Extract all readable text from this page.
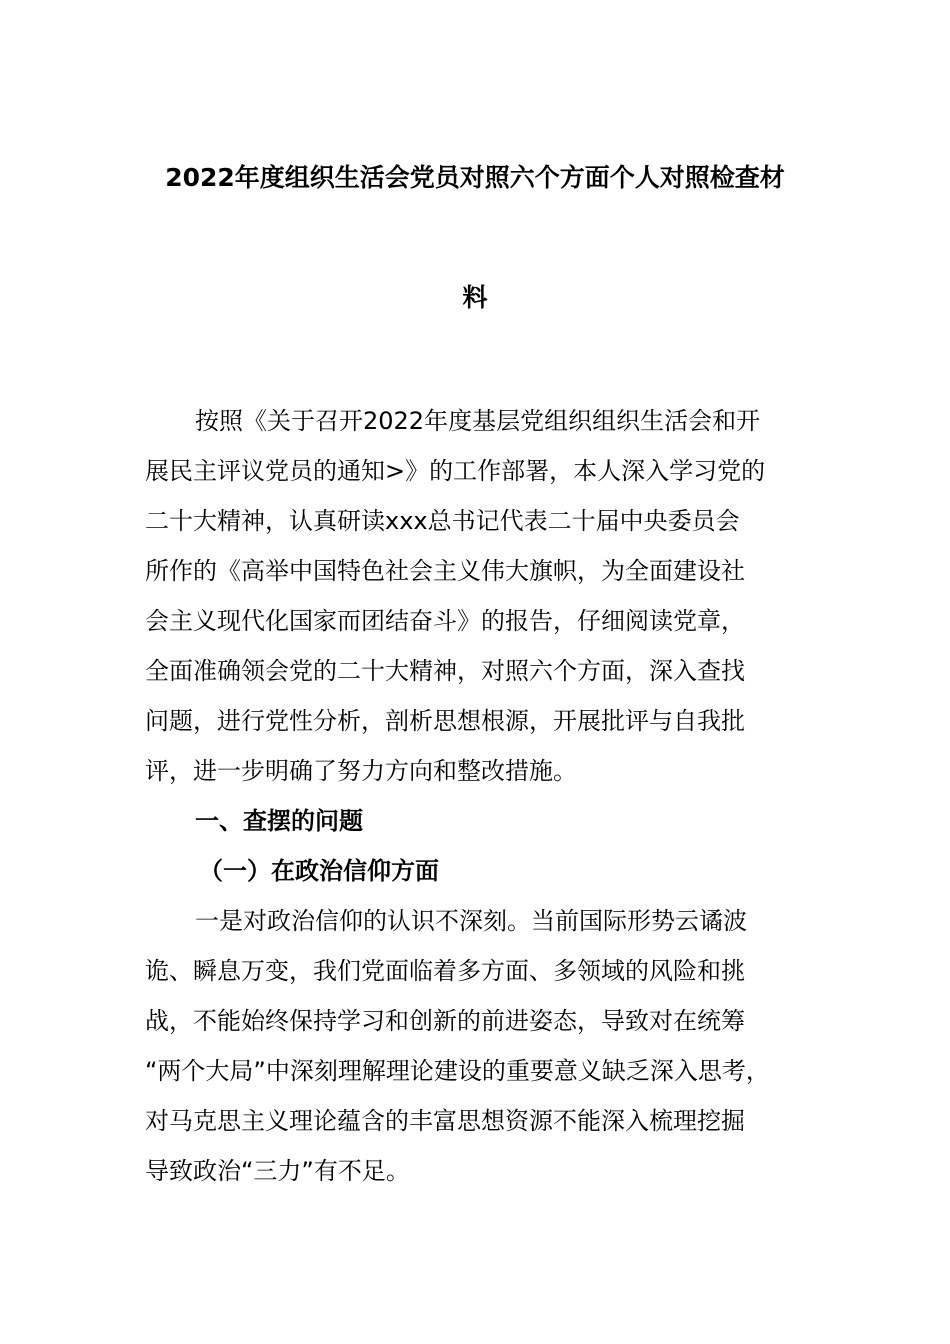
2022年度组织生活会党员对照六个方面个人对照检查材
料
按照《关于召开2022年度基层党组织组织生活会和开
展民主评议党员的通知>》的工作部署，本人深入学习党的
二十大精神，认真研读xxx总书记代表二十届中央委员会
所作的《高举中国特色社会主义伟大旗帜，为全面建设社
会主义现代化国家而团结奋斗》的报告，仔细阅读党章，
全面准确领会党的二十大精神，对照六个方面，深入查找
问题，进行党性分析，剖析思想根源，开展批评与自我批
评，进一步明确了努力方向和整改措施。
一、查摆的问题
（一）在政治信仰方面
一是对政治信仰的认识不深刻。当前国际形势云谲波
诡、瞬息万变，我们党面临着多方面、多领域的风险和挑
战，不能始终保持学习和创新的前进姿态，导致对在统筹
“两个大局”中深刻理解理论建设的重要意义缺乏深入思考，
对马克思主义理论蕴含的丰富思想资源不能深入梳理挖掘
导致政治“三力”有不足。
